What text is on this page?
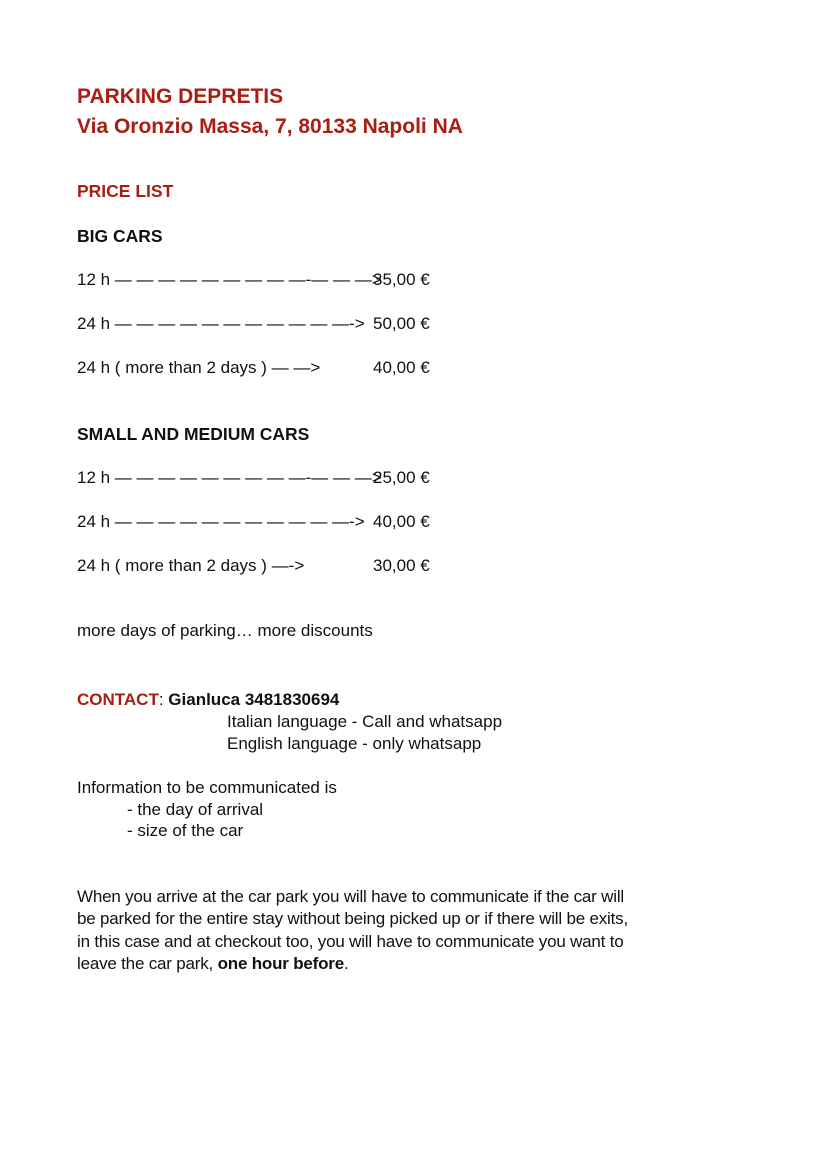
PARKING DEPRETIS
Via Oronzio Massa, 7, 80133 Napoli NA
PRICE LIST
BIG CARS
12 h — — — — — — — — —-— — —>35,00 €
24 h — — — — — — — — — — —-> 50,00 €
24 h ( more than 2 days ) — —>	40,00 €
SMALL AND MEDIUM CARS
12 h — — — — — — — — —-— — —>25,00 €
24 h — — — — — — — — — — —-> 40,00 €
24 h ( more than 2 days ) —->	30,00 €
more days of parking… more discounts
CONTACT: Gianluca 3481830694
Italian language - Call and whatsapp
English language - only whatsapp
Information to be communicated is
- the day of arrival
- size of the car
When you arrive at the car park you will have to communicate if the car will
be parked for the entire stay without being picked up or if there will be exits,
in this case and at checkout too, you will have to communicate you want to
leave the car park, one hour before.
